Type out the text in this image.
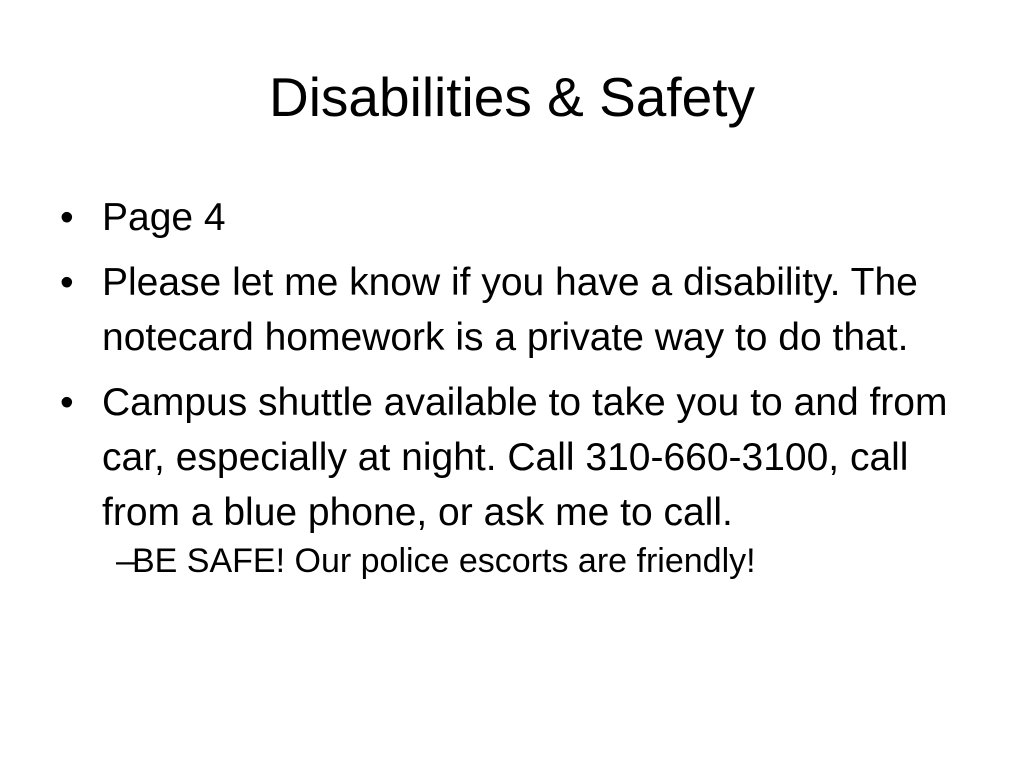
Disabilities & Safety
• Page 4
• Please let me know if you have a disability. The notecard homework is a private way to do that.
• Campus shuttle available to take you to and from car, especially at night. Call 310-660-3100, call from a blue phone, or ask me to call.
–
BE SAFE! Our police escorts are friendly!
